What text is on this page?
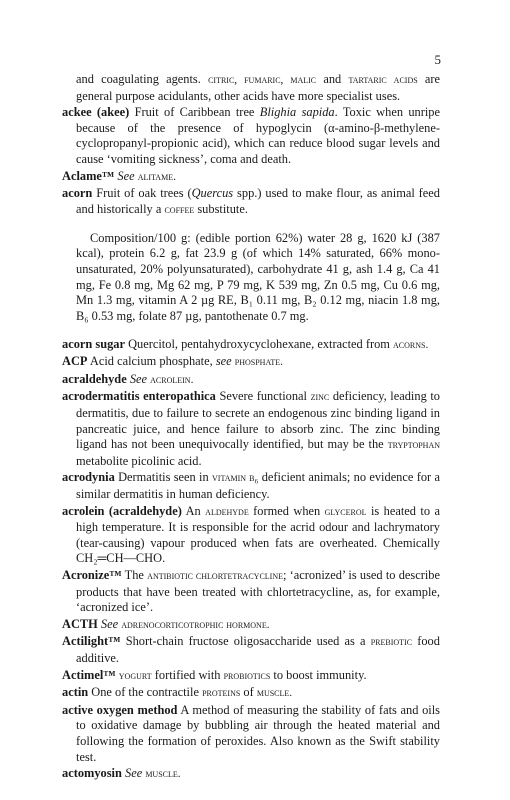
5

and coagulating agents. citric, fumaric, malic and tartaric acids are general purpose acidulants, other acids have more specialist uses.

ackee (akee) Fruit of Caribbean tree Blighia sapida. Toxic when unripe because of the presence of hypoglycin (α-amino-β-methylene-cyclopropanyl-propionic acid), which can reduce blood sugar levels and cause ‘vomiting sickness’, coma and death.

Aclame™ See alitame.

acorn Fruit of oak trees (Quercus spp.) used to make flour, as animal feed and historically a coffee substitute.

Composition/100 g: (edible portion 62%) water 28 g, 1620 kJ (387 kcal), protein 6.2 g, fat 23.9 g (of which 14% saturated, 66% mono-unsaturated, 20% polyunsaturated), carbohydrate 41 g, ash 1.4 g, Ca 41 mg, Fe 0.8 mg, Mg 62 mg, P 79 mg, K 539 mg, Zn 0.5 mg, Cu 0.6 mg, Mn 1.3 mg, vitamin A 2 µg RE, B₁ 0.11 mg, B₂ 0.12 mg, niacin 1.8 mg, B₆ 0.53 mg, folate 87 µg, pantothenate 0.7 mg.

acorn sugar Quercitol, pentahydroxycyclohexane, extracted from acorns.

ACP Acid calcium phosphate, see phosphate.

acraldehyde See acrolein.

acrodermatitis enteropathica Severe functional zinc deficiency, leading to dermatitis, due to failure to secrete an endogenous zinc binding ligand in pancreatic juice, and hence failure to absorb zinc. The zinc binding ligand has not been unequivocally identified, but may be the tryptophan metabolite picolinic acid.

acrodynia Dermatitis seen in vitamin b₆ deficient animals; no evidence for a similar dermatitis in human deficiency.

acrolein (acraldehyde) An aldehyde formed when glycerol is heated to a high temperature. It is responsible for the acrid odour and lachrymatory (tear-causing) vapour produced when fats are overheated. Chemically CH₂═CH—CHO.

Acronize™ The antibiotic chlortetracycline; ‘acronized’ is used to describe products that have been treated with chlortetracycline, as, for example, ‘acronized ice’.

ACTH See adrenocorticotrophic hormone.

Actilight™ Short-chain fructose oligosaccharide used as a prebiotic food additive.

Actimel™ yogurt fortified with probiotics to boost immunity.

actin One of the contractile proteins of muscle.

active oxygen method A method of measuring the stability of fats and oils to oxidative damage by bubbling air through the heated material and following the formation of peroxides. Also known as the Swift stability test.

actomyosin See muscle.
